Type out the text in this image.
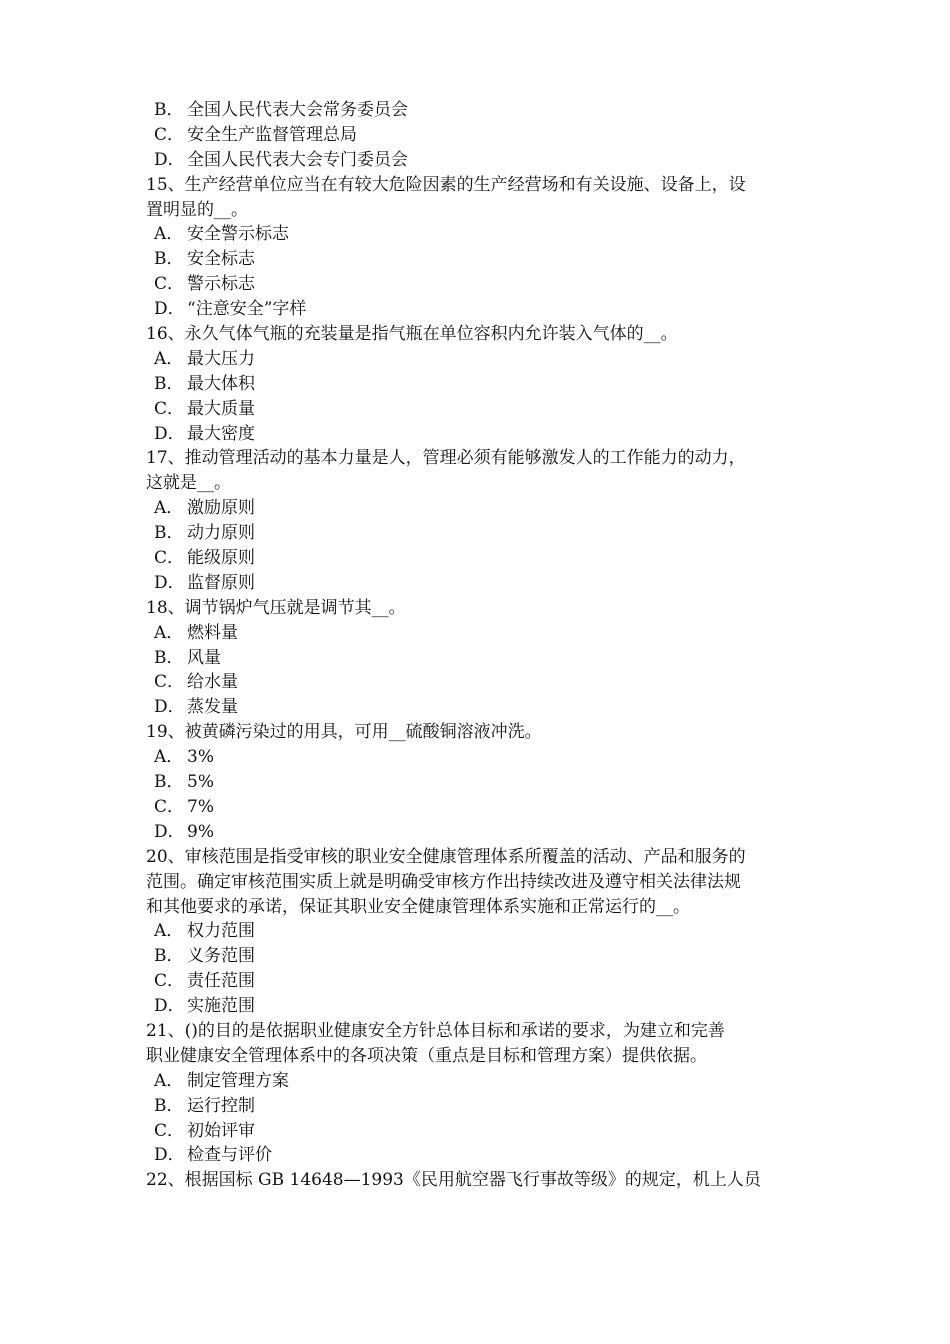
B． 全国人民代表大会常务委员会
C． 安全生产监督管理总局
D． 全国人民代表大会专门委员会
15、生产经营单位应当在有较大危险因素的生产经营场和有关设施、设备上，设
置明显的__。
A． 安全警示标志
B． 安全标志
C． 警示标志
D． “注意安全”字样
16、永久气体气瓶的充装量是指气瓶在单位容积内允许装入气体的__。
A． 最大压力
B． 最大体积
C． 最大质量
D． 最大密度
17、推动管理活动的基本力量是人，管理必须有能够激发人的工作能力的动力，
这就是__。
A． 激励原则
B． 动力原则
C． 能级原则
D． 监督原则
18、调节锅炉气压就是调节其__。
A． 燃料量
B． 风量
C． 给水量
D． 蒸发量
19、被黄磷污染过的用具，可用__硫酸铜溶液冲洗。
A． 3%
B． 5%
C． 7%
D． 9%
20、审核范围是指受审核的职业安全健康管理体系所覆盖的活动、产品和服务的
范围。确定审核范围实质上就是明确受审核方作出持续改进及遵守相关法律法规
和其他要求的承诺，保证其职业安全健康管理体系实施和正常运行的__。
A． 权力范围
B． 义务范围
C． 责任范围
D． 实施范围
21、()的目的是依据职业健康安全方针总体目标和承诺的要求，为建立和完善
职业健康安全管理体系中的各项决策（重点是目标和管理方案）提供依据。
A． 制定管理方案
B． 运行控制
C． 初始评审
D． 检查与评价
22、根据国标 GB 14648—1993《民用航空器飞行事故等级》的规定，机上人员
